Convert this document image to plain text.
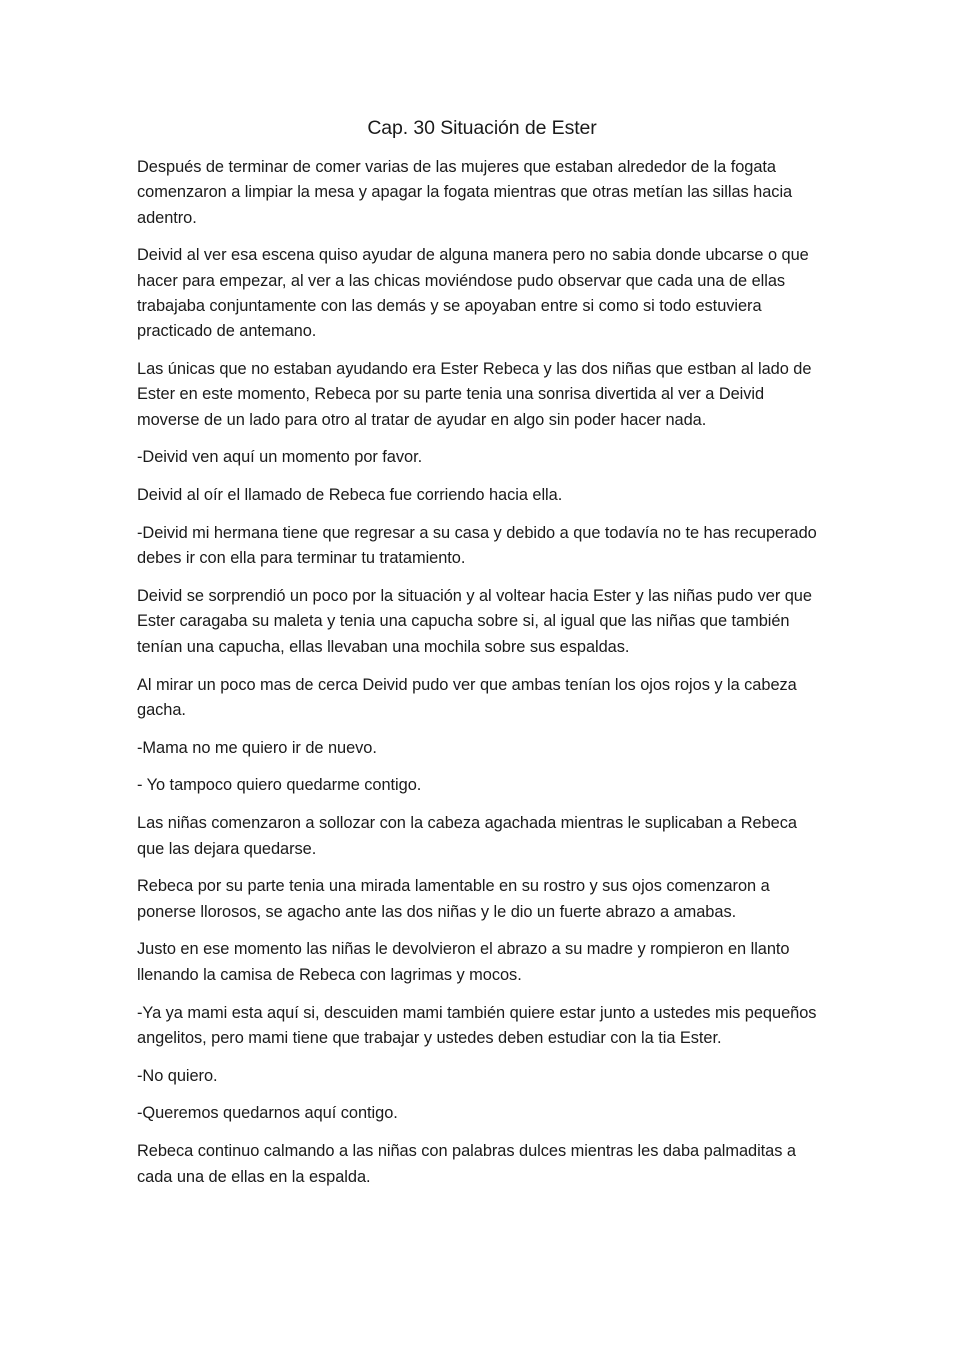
Cap. 30 Situación de Ester

Después de terminar de comer varias de las mujeres que estaban alrededor de la fogata comenzaron a limpiar la mesa y apagar la fogata mientras que otras metían las sillas hacia adentro.

Deivid al ver esa escena quiso ayudar de alguna manera pero no sabia donde ubcarse o que hacer para empezar, al ver a las chicas moviéndose pudo observar que cada una de ellas trabajaba conjuntamente con las demás y se apoyaban entre si como si todo estuviera practicado de antemano.

Las únicas que no estaban ayudando era Ester Rebeca y las dos niñas que estban al lado de Ester en este momento, Rebeca por su parte tenia una sonrisa divertida al ver a Deivid moverse de un lado para otro al tratar de ayudar en algo sin poder hacer nada.

-Deivid ven aquí un momento por favor.

Deivid al oír el llamado de Rebeca fue corriendo hacia ella.

-Deivid mi hermana tiene que regresar a su casa y debido a que todavía no te has recuperado debes ir con ella para terminar tu tratamiento.

Deivid se sorprendió un poco por la situación y al voltear hacia Ester y las niñas pudo ver que Ester caragaba su maleta y tenia una capucha sobre si, al igual que las niñas que también tenían una capucha, ellas llevaban una mochila sobre sus espaldas.

Al mirar un poco mas de cerca Deivid pudo ver que ambas tenían los ojos rojos y la cabeza gacha.

-Mama no me quiero ir de nuevo.

- Yo tampoco quiero quedarme contigo.

Las niñas comenzaron a sollozar con la cabeza agachada mientras le suplicaban a Rebeca que las dejara quedarse.

Rebeca por su parte tenia una mirada lamentable en su rostro y sus ojos comenzaron a ponerse llorosos, se agacho ante las dos niñas y le dio un fuerte abrazo a amabas.

Justo en ese momento las niñas le devolvieron el abrazo a su madre y rompieron en llanto llenando la camisa de Rebeca con lagrimas y mocos.

-Ya ya mami esta aquí si, descuiden mami también quiere estar junto a ustedes mis pequeños angelitos, pero mami tiene que trabajar y ustedes deben estudiar con la tia Ester.

-No quiero.

-Queremos quedarnos aquí contigo.

Rebeca continuo calmando a las niñas con palabras dulces mientras les daba palmaditas a cada una de ellas en la espalda.
